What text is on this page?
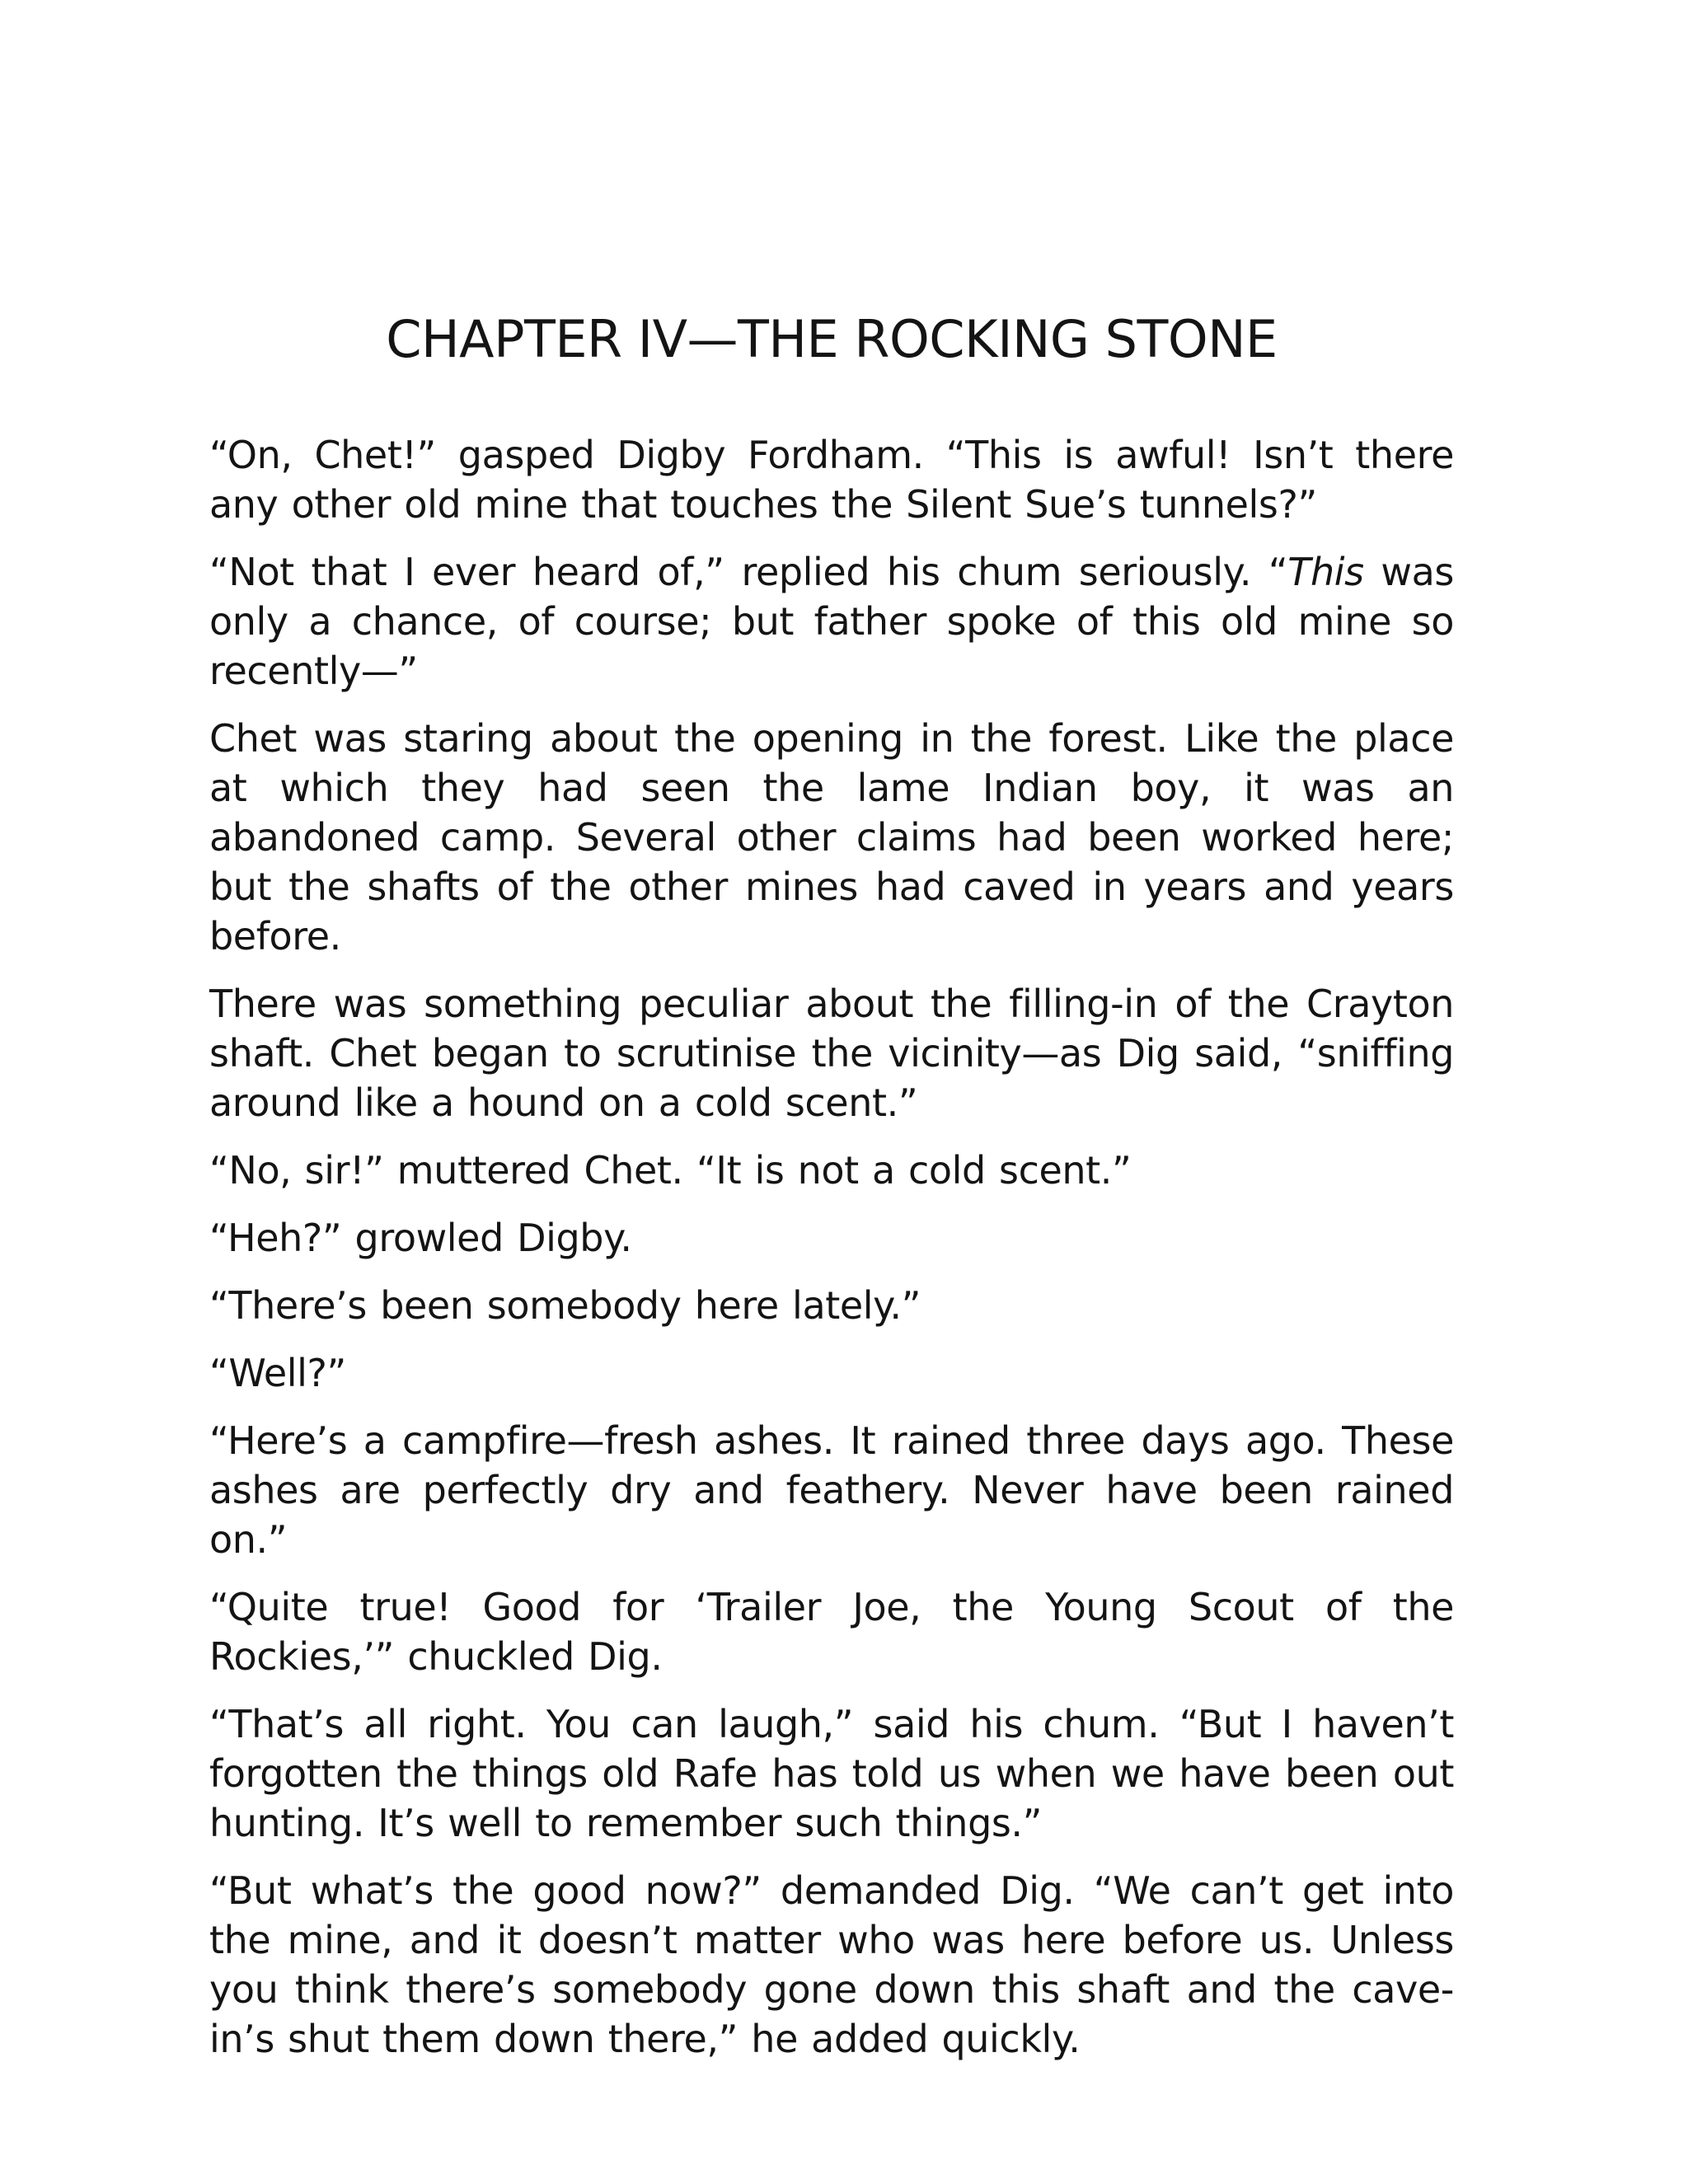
CHAPTER IV—THE ROCKING STONE

“On, Chet!” gasped Digby Fordham. “This is awful! Isn’t there any other old mine that touches the Silent Sue’s tunnels?”

“Not that I ever heard of,” replied his chum seriously. “This was only a chance, of course; but father spoke of this old mine so recently—”

Chet was staring about the opening in the forest. Like the place at which they had seen the lame Indian boy, it was an abandoned camp. Several other claims had been worked here; but the shafts of the other mines had caved in years and years before.

There was something peculiar about the filling-in of the Crayton shaft. Chet began to scrutinise the vicinity—as Dig said, “sniffing around like a hound on a cold scent.”

“No, sir!” muttered Chet. “It is not a cold scent.”

“Heh?” growled Digby.

“There’s been somebody here lately.”

“Well?”

“Here’s a campfire—fresh ashes. It rained three days ago. These ashes are perfectly dry and feathery. Never have been rained on.”

“Quite true! Good for ‘Trailer Joe, the Young Scout of the Rockies,’” chuckled Dig.

“That’s all right. You can laugh,” said his chum. “But I haven’t forgotten the things old Rafe has told us when we have been out hunting. It’s well to remember such things.”

“But what’s the good now?” demanded Dig. “We can’t get into the mine, and it doesn’t matter who was here before us. Unless you think there’s somebody gone down this shaft and the cave-in’s shut them down there,” he added quickly.
